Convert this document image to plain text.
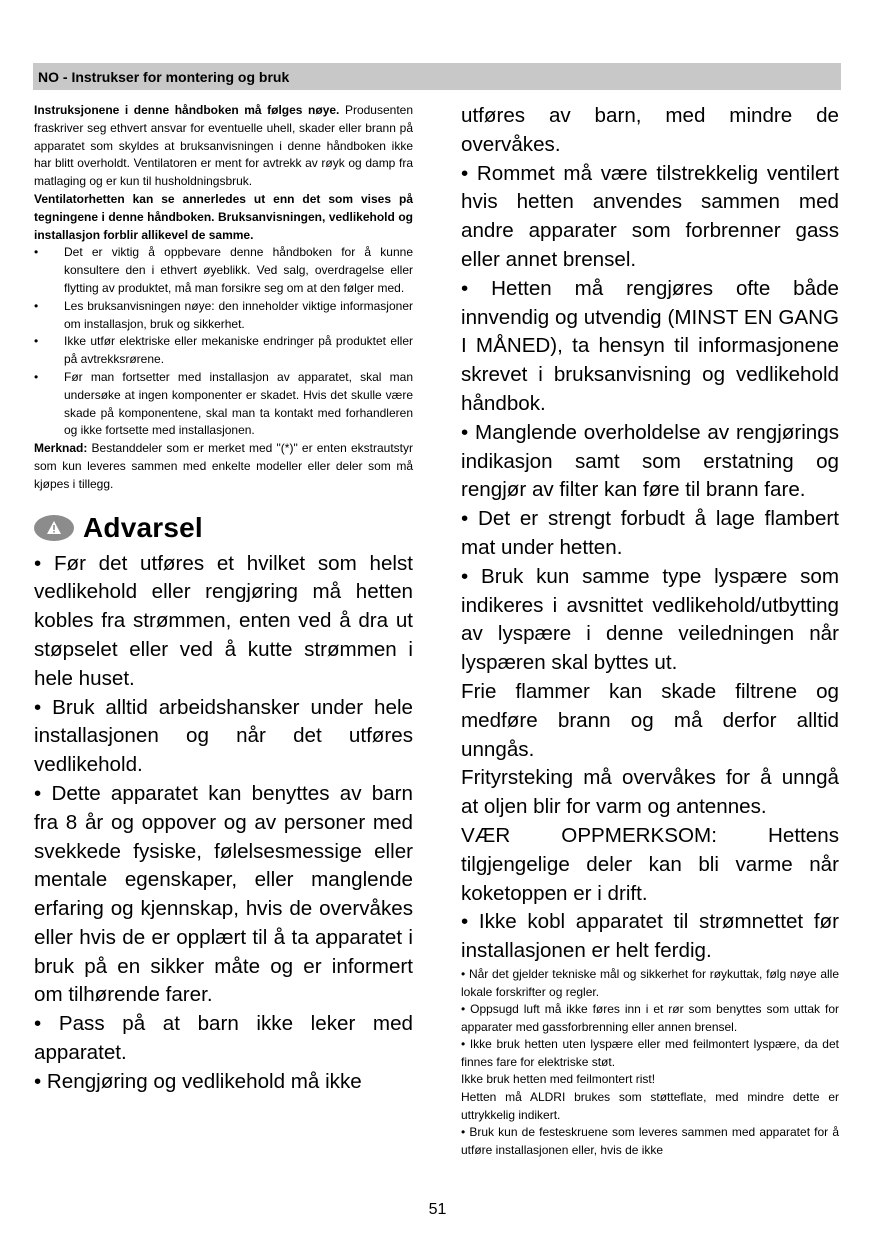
NO - Instrukser for montering og bruk

Instruksjonene i denne håndboken må følges nøye. Produsenten fraskriver seg ethvert ansvar for eventuelle uhell, skader eller brann på apparatet som skyldes at bruksanvisningen i denne håndboken ikke har blitt overholdt. Ventilatoren er ment for avtrekk av røyk og damp fra matlaging og er kun til husholdningsbruk.

Ventilatorhetten kan se annerledes ut enn det som vises på tegningene i denne håndboken. Bruksanvisningen, vedlikehold og installasjon forblir allikevel de samme.

• Det er viktig å oppbevare denne håndboken for å kunne konsultere den i ethvert øyeblikk. Ved salg, overdragelse eller flytting av produktet, må man forsikre seg om at den følger med.
• Les bruksanvisningen nøye: den inneholder viktige informasjoner om installasjon, bruk og sikkerhet.
• Ikke utfør elektriske eller mekaniske endringer på produktet eller på avtrekksrørene.
• Før man fortsetter med installasjon av apparatet, skal man undersøke at ingen komponenter er skadet. Hvis det skulle være skade på komponentene, skal man ta kontakt med forhandleren og ikke fortsette med installasjonen.

Merknad: Bestanddeler som er merket med "(*)" er enten ekstrautstyr som kun leveres sammen med enkelte modeller eller deler som må kjøpes i tillegg.

Advarsel

• Før det utføres et hvilket som helst vedlikehold eller rengjøring må hetten kobles fra strømmen, enten ved å dra ut støpselet eller ved å kutte strømmen i hele huset.

• Bruk alltid arbeidshansker under hele installasjonen og når det utføres vedlikehold.

• Dette apparatet kan benyttes av barn fra 8 år og oppover og av personer med svekkede fysiske, følelsesmessige eller mentale egenskaper, eller manglende erfaring og kjennskap, hvis de overvåkes eller hvis de er opplært til å ta apparatet i bruk på en sikker måte og er informert om tilhørende farer.

• Pass på at barn ikke leker med apparatet.

• Rengjøring og vedlikehold må ikke

utføres av barn, med mindre de overvåkes.

• Rommet må være tilstrekkelig ventilert hvis hetten anvendes sammen med andre apparater som forbrenner gass eller annet brensel.

• Hetten må rengjøres ofte både innvendig og utvendig (MINST EN GANG I MÅNED), ta hensyn til informasjonene skrevet i bruksanvisning og vedlikehold håndbok.

• Manglende overholdelse av rengjørings indikasjon samt som erstatning og rengjør av filter kan føre til brann fare.

• Det er strengt forbudt å lage flambert mat under hetten.

• Bruk kun samme type lyspære som indikeres i avsnittet vedlikehold/utbytting av lyspære i denne veiledningen når lyspæren skal byttes ut.

Frie flammer kan skade filtrene og medføre brann og må derfor alltid unngås.

Frityrsteking må overvåkes for å unngå at oljen blir for varm og antennes.

VÆR OPPMERKSOM: Hettens tilgjengelige deler kan bli varme når koketoppen er i drift.

• Ikke kobl apparatet til strømnettet før installasjonen er helt ferdig.

• Når det gjelder tekniske mål og sikkerhet for røykuttak, følg nøye alle lokale forskrifter og regler.

• Oppsugd luft må ikke føres inn i et rør som benyttes som uttak for apparater med gassforbrenning eller annen brensel.

• Ikke bruk hetten uten lyspære eller med feilmontert lyspære, da det finnes fare for elektriske støt.

Ikke bruk hetten med feilmontert rist!

Hetten må ALDRI brukes som støtteflate, med mindre dette er uttrykkelig indikert.

• Bruk kun de festeskruene som leveres sammen med apparatet for å utføre installasjonen eller, hvis de ikke

51
